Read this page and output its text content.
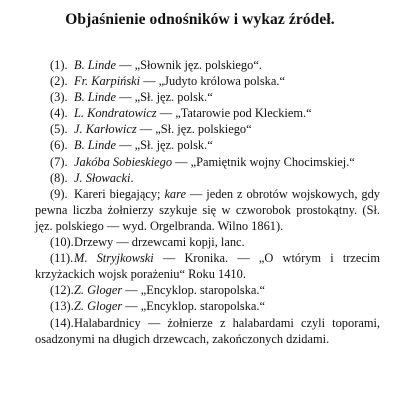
Objaśnienie odnośników i wykaz źródeł.

(1). B. Linde — „Słownik jęz. polskiego“.

(2). Fr. Karpiński — „Judyto królowa polska.“

(3). B. Linde — „Sł. jęz. polsk.“

(4). L. Kondratowicz — „Tatarowie pod Kleckiem.“

(5). J. Karłowicz — „Sł. jęz. polskiego“

(6). B. Linde — „Sł. jęz. polsk.“

(7). Jakóba Sobieskiego — „Pamiętnik wojny Chocimskiej.“

(8). J. Słowacki.

(9). Kareri biegający; kare — jeden z obrotów wojskowych, gdy pewna liczba żołnierzy szykuje się w czworobok prostokątny. (Sł. jęz. polskiego — wyd. Orgelbranda. Wilno 1861).

(10).Drzewy — drzewcami kopji, lanc.

(11).M. Stryjkowski — Kronika. — „O wtórym i trzecim krzyżackich wojsk porażeniu“ Roku 1410.

(12).Z. Gloger — „Encyklop. staropolska.“

(13).Z. Gloger — „Encyklop. staropolska.“

(14).Halabardnicy — żołnierze z halabardami czyli toporami, osadzonymi na długich drzewcach, zakończonych dzidami.
